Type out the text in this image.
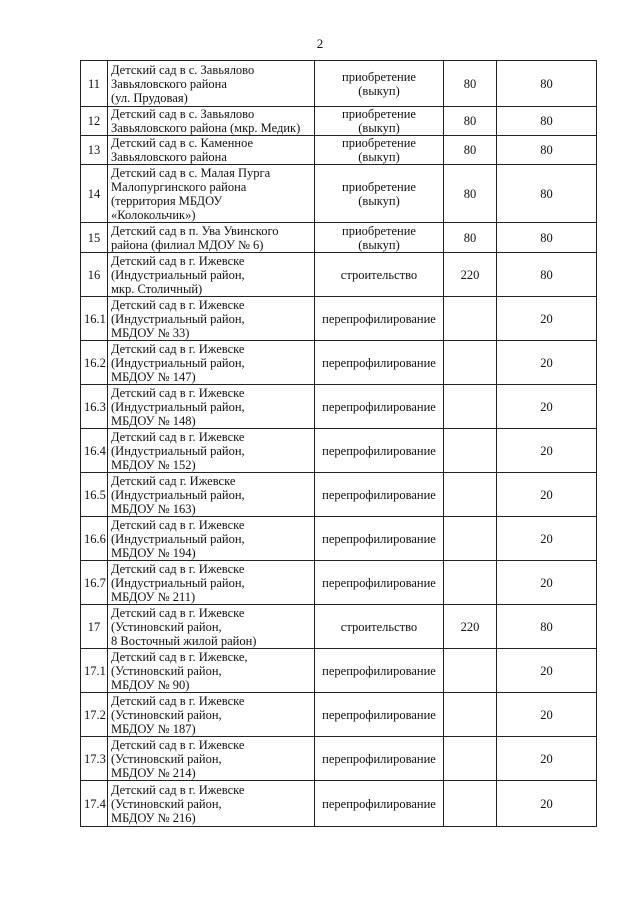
2
11	Детский сад в с. Завьялово
Завьяловского района
(ул. Прудовая)	приобретение
(выкуп)	80	80
12	Детский сад в с. Завьялово
Завьяловского района (мкр. Медик)	приобретение
(выкуп)	80	80
13	Детский сад в с. Каменное
Завьяловского района	приобретение
(выкуп)	80	80
14	Детский сад в с. Малая Пурга
Малопургинского района
(территория МБДОУ
«Колокольчик»)	приобретение
(выкуп)	80	80
15	Детский сад в п. Ува Увинского
района (филиал МДОУ № 6)	приобретение
(выкуп)	80	80
16	Детский сад в г. Ижевске
(Индустриальный район,
мкр. Столичный)	строительство	220	80
16.1	Детский сад в г. Ижевске
(Индустриальный район,
МБДОУ № 33)	перепрофилирование		20
16.2	Детский сад в г. Ижевске
(Индустриальный район,
МБДОУ № 147)	перепрофилирование		20
16.3	Детский сад в г. Ижевске
(Индустриальный район,
МБДОУ № 148)	перепрофилирование		20
16.4	Детский сад в г. Ижевске
(Индустриальный район,
МБДОУ № 152)	перепрофилирование		20
16.5	Детский сад г. Ижевске
(Индустриальный район,
МБДОУ № 163)	перепрофилирование		20
16.6	Детский сад в г. Ижевске
(Индустриальный район,
МБДОУ № 194)	перепрофилирование		20
16.7	Детский сад в г. Ижевске
(Индустриальный район,
МБДОУ № 211)	перепрофилирование		20
17	Детский сад в г. Ижевске
(Устиновский район,
8 Восточный жилой район)	строительство	220	80
17.1	Детский сад в г. Ижевске,
(Устиновский район,
МБДОУ № 90)	перепрофилирование		20
17.2	Детский сад в г. Ижевске
(Устиновский район,
МБДОУ № 187)	перепрофилирование		20
17.3	Детский сад в г. Ижевске
(Устиновский район,
МБДОУ № 214)	перепрофилирование		20
17.4	Детский сад в г. Ижевске
(Устиновский район,
МБДОУ № 216)	перепрофилирование		20
